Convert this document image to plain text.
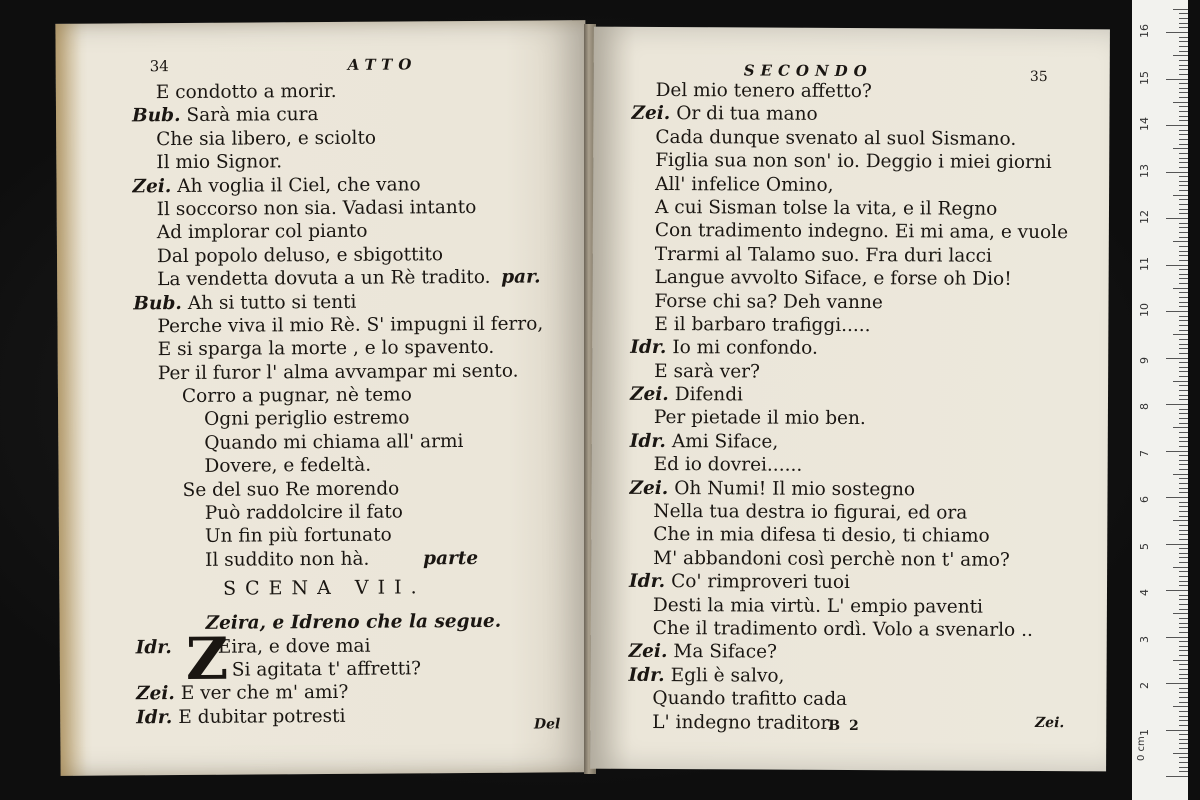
34	ATTO
E condotto a morir.
Bub. Sarà mia cura
Che sia libero, e sciolto
Il mio Signor.
Zei. Ah voglia il Ciel, che vano
Il soccorso non sia. Vadasi intanto
Ad implorar col pianto
Dal popolo deluso, e sbigottito
La vendetta dovuta a un Rè tradito. par.
Bub. Ah si tutto si tenti
Perche viva il mio Rè. S' impugni il ferro,
E si sparga la morte , e lo spavento.
Per il furor l' alma avvampar mi sento.
Corro a pugnar, nè temo
Ogni periglio estremo
Quando mi chiama all' armi
Dovere, e fedeltà.
Se del suo Re morendo
Può raddolcire il fato
Un fin più fortunato
Il suddito non hà.	parte
SCENA VII.
Zeira, e Idreno che la segue.
Idr. Z
Eira, e dove mai
Si agitata t' affretti?
Zei. E ver che m' ami?
Idr. E dubitar potresti	Del
SECONDO	35
Del mio tenero affetto?
Zei. Or di tua mano
Cada dunque svenato al suol Sismano.
Figlia sua non son' io. Deggio i miei giorni
All' infelice Omino,
A cui Sisman tolse la vita, e il Regno
Con tradimento indegno. Ei mi ama, e vuole
Trarmi al Talamo suo. Fra duri lacci
Langue avvolto Siface, e forse oh Dio!
Forse chi sa? Deh vanne
E il barbaro trafiggi.....
Idr. Io mi confondo.
E sarà ver?
Zei. Difendi
Per pietade il mio ben.
Idr. Ami Siface,
Ed io dovrei......
Zei. Oh Numi! Il mio sostegno
Nella tua destra io figurai, ed ora
Che in mia difesa ti desio, ti chiamo
M' abbandoni così perchè non t' amo?
Idr. Co' rimproveri tuoi
Desti la mia virtù. L' empio paventi
Che il tradimento ordì. Volo a svenarlo ..
Zei. Ma Siface?
Idr. Egli è salvo,
Quando trafitto cada
L' indegno traditor.
B 2	Zei.
0 cm
1
2
3
4
5
6
7
8
9
10
11
12
13
14
15
16
